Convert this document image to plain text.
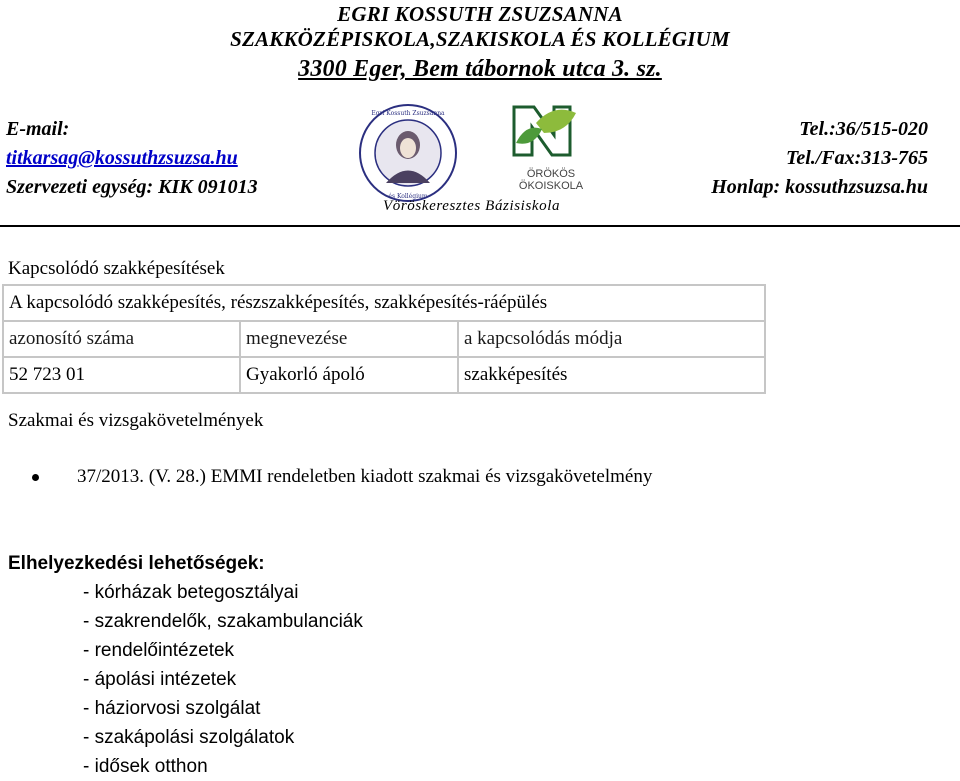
EGRI KOSSUTH ZSUZSANNA
SZAKKÖZÉPISKOLA,SZAKISKOLA ÉS KOLLÉGIUM
3300 Eger, Bem tábornok utca 3. sz.
E-mail:
titkarsag@kossuthzsuzsa.hu
Szervezeti egység: KIK 091013
Tel.:36/515-020
Tel./Fax:313-765
Honlap: kossuthzsuzsa.hu
Egri Kossuth Zsuzsanna
és Kollégium
ÖRÖKÖS ÖKOISKOLA
Vöröskeresztes Bázisiskola
Kapcsolódó szakképesítések
A kapcsolódó szakképesítés, részszakképesítés, szakképesítés-ráépülés		
azonosító száma	megnevezése	a kapcsolódás módja
52 723 01	Gyakorló ápoló	szakképesítés
Szakmai és vizsgakövetelmények
37/2013. (V. 28.) EMMI rendeletben kiadott szakmai és vizsgakövetelmény
Elhelyezkedési lehetőségek:
- kórházak betegosztályai
- szakrendelők, szakambulanciák
- rendelőintézetek
- ápolási intézetek
- háziorvosi szolgálat
- szakápolási szolgálatok
- idősek otthon
